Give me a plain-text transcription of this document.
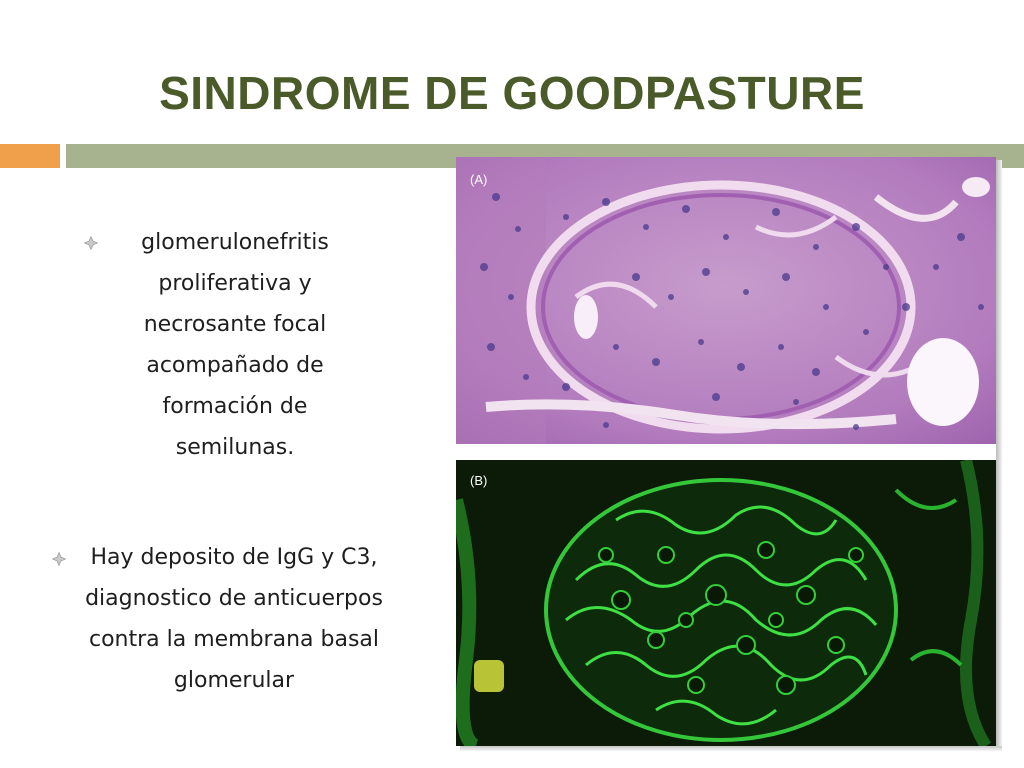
SINDROME DE GOODPASTURE
glomerulonefritis proliferativa y necrosante focal acompañado de formación de semilunas.
Hay deposito de IgG y C3, diagnostico de anticuerpos contra la membrana basal glomerular
(A)
(B)
